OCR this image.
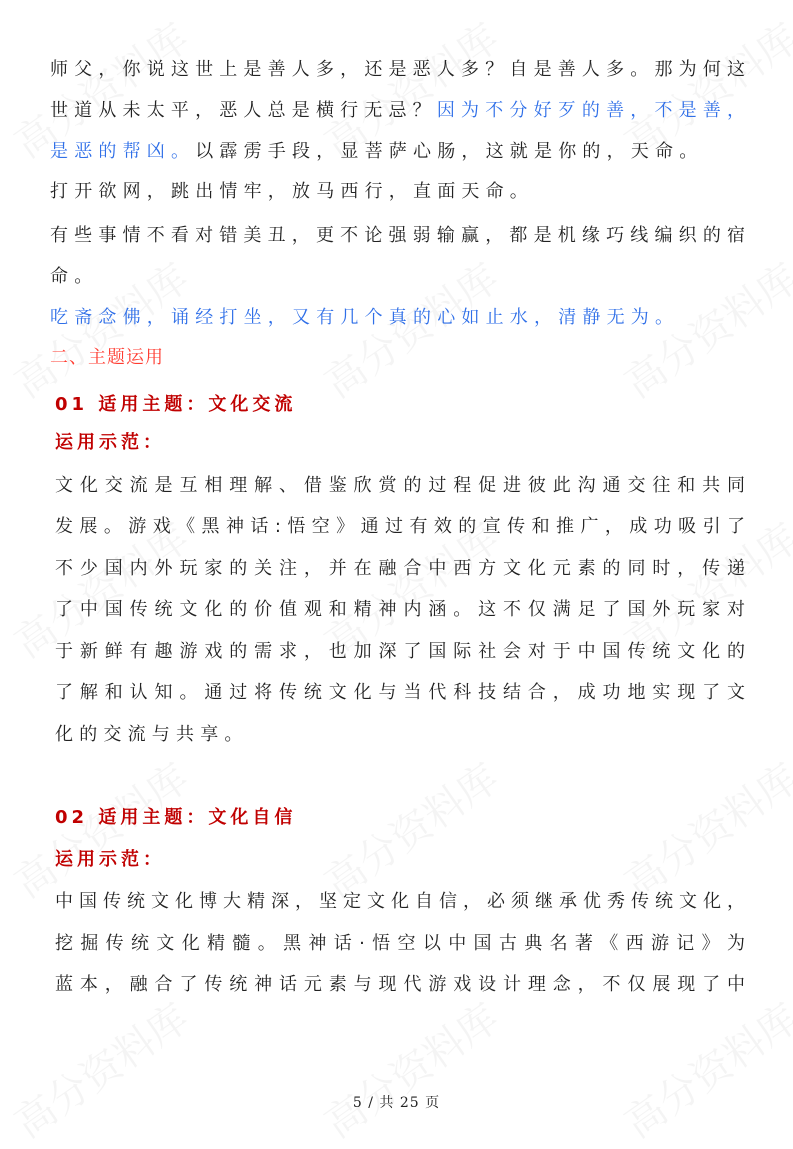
师父，你说这世上是善人多，还是恶人多？自是善人多。那为何这
世道从未太平，恶人总是横行无忌？因为不分好歹的善，不是善，
是恶的帮凶。以霹雳手段，显菩萨心肠，这就是你的，天命。
打开欲网，跳出情牢，放马西行，直面天命。
有些事情不看对错美丑，更不论强弱输赢，都是机缘巧线编织的宿
命。
吃斋念佛，诵经打坐，又有几个真的心如止水，清静无为。
二、主题运用
01 适用主题：文化交流
运用示范：
文化交流是互相理解、借鉴欣赏的过程促进彼此沟通交往和共同
发展。游戏《黑神话:悟空》通过有效的宣传和推广，成功吸引了
不少国内外玩家的关注，并在融合中西方文化元素的同时，传递
了中国传统文化的价值观和精神内涵。这不仅满足了国外玩家对
于新鲜有趣游戏的需求，也加深了国际社会对于中国传统文化的
了解和认知。通过将传统文化与当代科技结合，成功地实现了文
化的交流与共享。
02 适用主题：文化自信
运用示范：
中国传统文化博大精深，坚定文化自信，必须继承优秀传统文化，
挖掘传统文化精髓。黑神话·悟空以中国古典名著《西游记》为
蓝本，融合了传统神话元素与现代游戏设计理念，不仅展现了中
5 / 共 25 页
